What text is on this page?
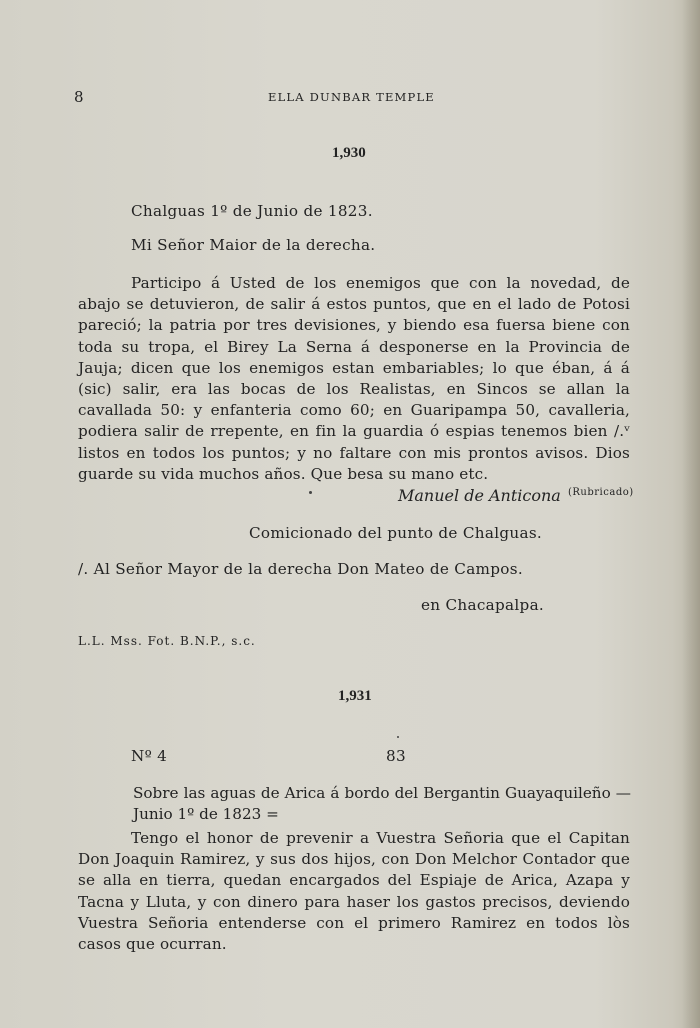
8	ELLA DUNBAR TEMPLE
1,930
Chalguas 1º de Junio de 1823.
Mi Señor Maior de la derecha.
Participo á Usted de los enemigos que con la novedad, de abajo se detuvieron, de salir á estos puntos, que en el lado de Potosi pareció; la patria por tres devisiones, y biendo esa fuersa biene con toda su tropa, el Birey La Serna á desponerse en la Provincia de Jauja; dicen que los enemigos estan embariables; lo que éban, á á (sic) salir, era las bocas de los Realistas, en Sincos se allan la cavallada 50: y enfanteria como 60; en Guaripampa 50, cavalleria, podiera salir de rrepente, en fin la guardia ó espias tenemos bien /.ᵛ listos en todos los puntos; y no faltare con mis prontos avisos. Dios guarde su vida muchos años. Que besa su mano etc.
Manuel de Anticona (Rubricado)
Comicionado del punto de Chalguas.
/. Al Señor Mayor de la derecha Don Mateo de Campos.
en Chacapalpa.
L.L. Mss. Fot. B.N.P., s.c.
1,931
Nº 4	83
Sobre las aguas de Arica á bordo del Bergantin Guayaquileño — Junio 1º de 1823 =
Tengo el honor de prevenir a Vuestra Señoria que el Capitan Don Joaquin Ramirez, y sus dos hijos, con Don Melchor Contador que se alla en tierra, quedan encargados del Espiaje de Arica, Azapa y Tacna y Lluta, y con dinero para haser los gastos precisos, deviendo Vuestra Señoria entenderse con el primero Ramirez en todos lòs casos que ocurran.
